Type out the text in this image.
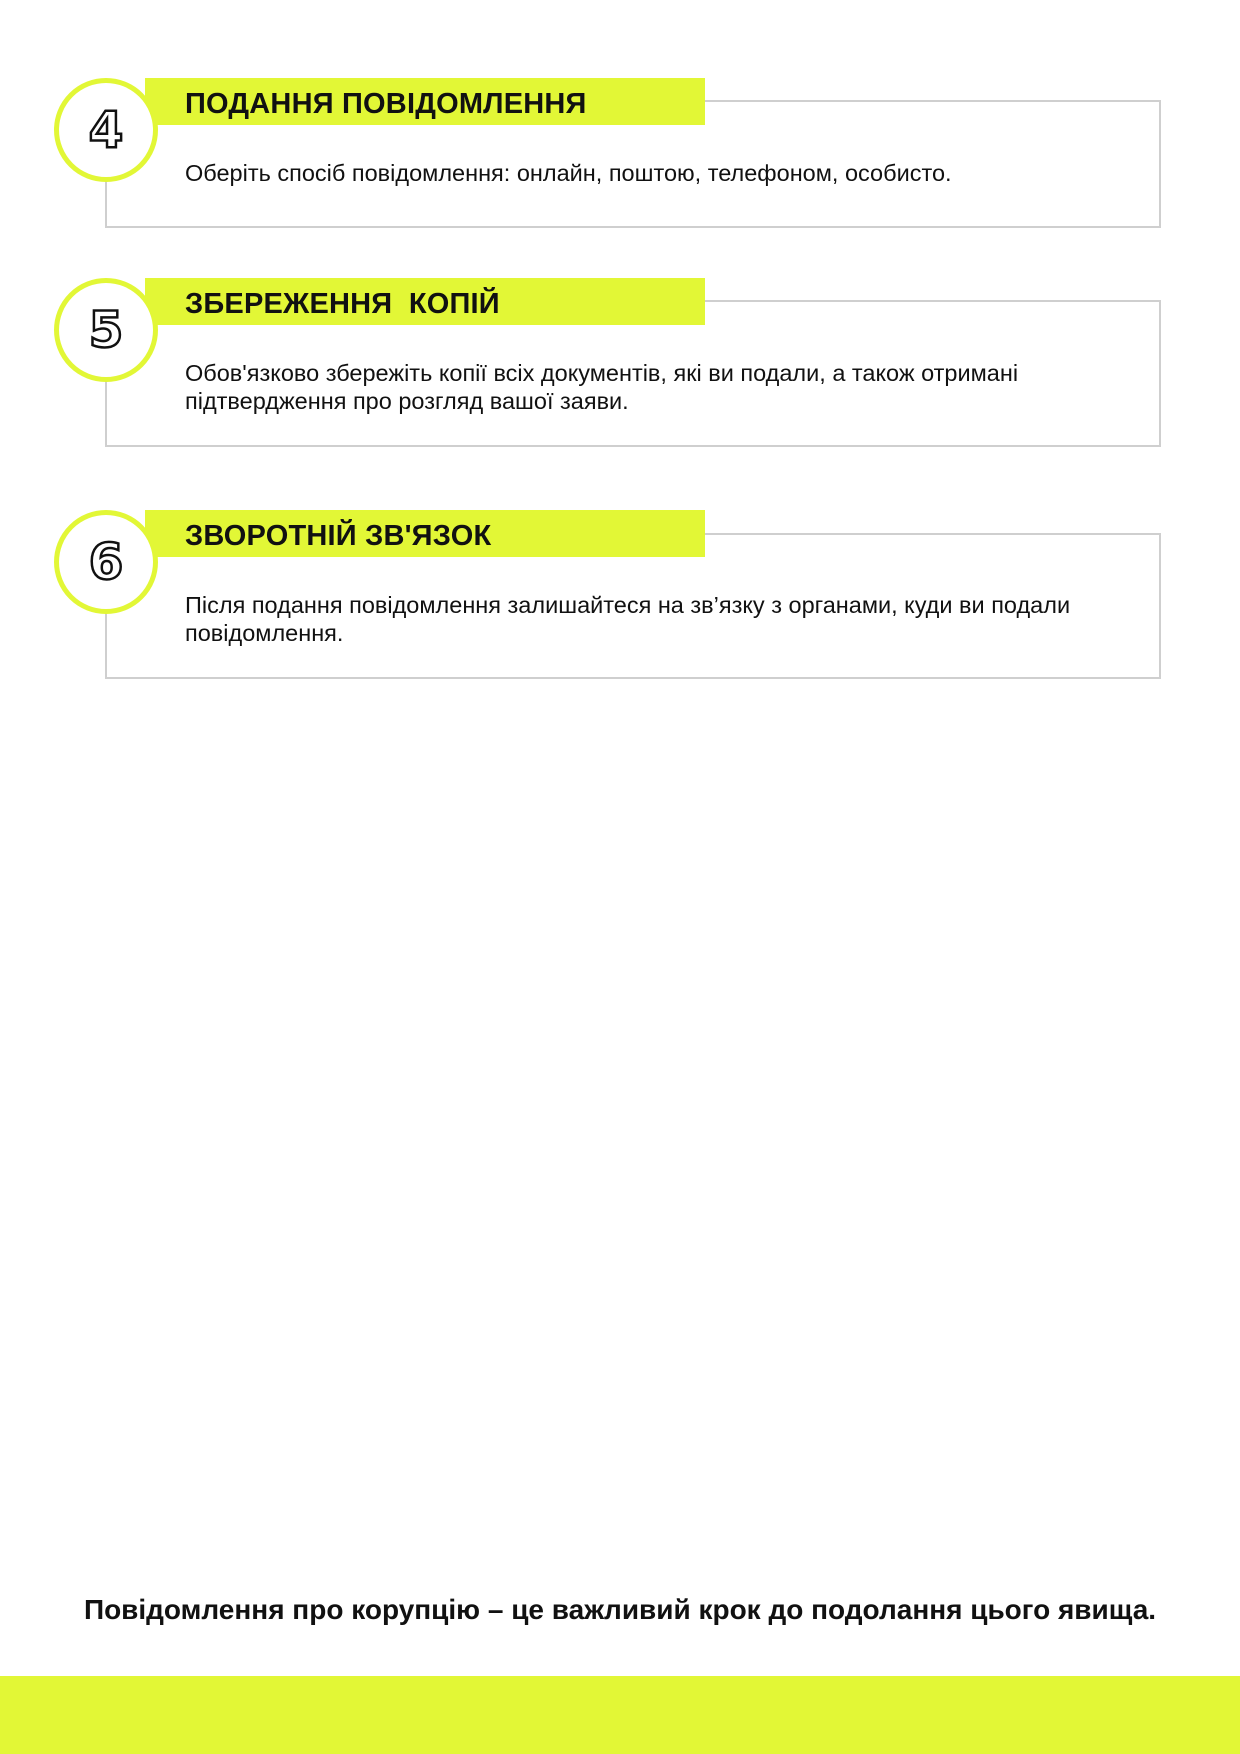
ПОДАННЯ ПОВІДОМЛЕННЯ
4
Оберіть спосіб повідомлення: онлайн, поштою, телефоном, особисто.
ЗБЕРЕЖЕННЯ  КОПІЙ
5
Обов'язково збережіть копії всіх документів, які ви подали, а також отримані підтвердження про розгляд вашої заяви.
ЗВОРОТНІЙ ЗВ'ЯЗОК
6
Після подання повідомлення залишайтеся на зв’язку з органами, куди ви подали повідомлення.
Повідомлення про корупцію – це важливий крок до подолання цього явища.
